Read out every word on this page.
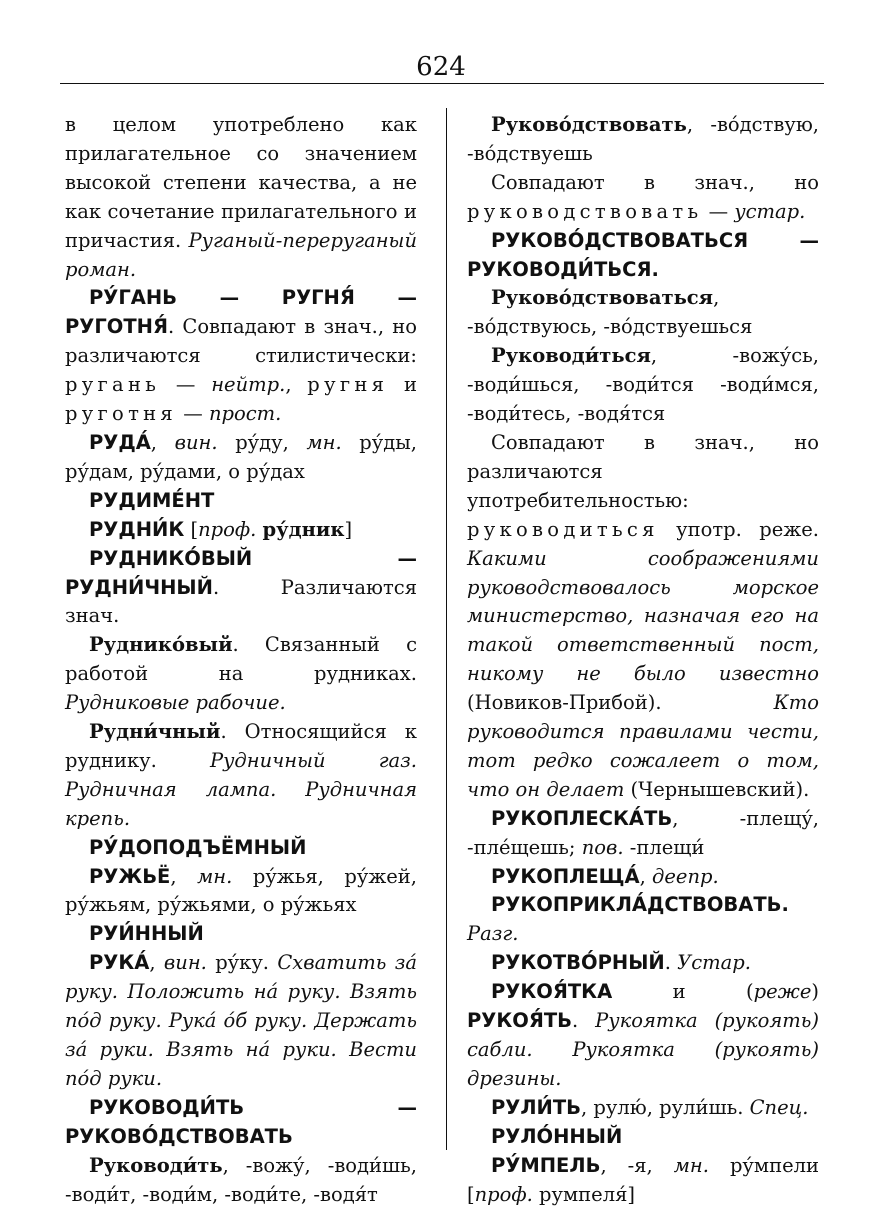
624

в целом употреблено как прилагательное со значением высокой степени качества, а не как сочетание прилагательного и причастия. Руганый-переруганый роман.

РУ́ГАНЬ — РУГНЯ́ — РУГОТНЯ́. Совпадают в знач., но различаются стилистически: ругань — нейтр., ругня и руготня — прост.

РУДА́, вин. ру́ду, мн. ру́ды, ру́дам, ру́дами, о ру́дах

РУДИМЕ́НТ

РУДНИ́К [проф. ру́дник]

РУДНИКО́ВЫЙ — РУДНИ́ЧНЫЙ. Различаются знач.

Руднико́вый. Связанный с работой на рудниках. Рудниковые рабочие.

Рудни́чный. Относящийся к руднику. Рудничный газ. Рудничная лампа. Рудничная крепь.

РУ́ДОПОДЪЁМНЫЙ

РУЖЬЁ, мн. ру́жья, ру́жей, ру́жьям, ру́жьями, о ру́жьях

РУИ́ННЫЙ

РУКА́, вин. ру́ку. Схватить за́ руку. Положить на́ руку. Взять по́д руку. Рука́ о́б руку. Держать за́ руки. Взять на́ руки. Вести по́д руки.

РУКОВОДИ́ТЬ — РУКОВО́ДСТВОВАТЬ

Руководи́ть, -вожу́, -води́шь, -води́т, -води́м, -води́те, -водя́т

Руково́дствовать, -во́дствую, -во́дствуешь

Совпадают в знач., но руководствовать — устар.

РУКОВО́ДСТВОВАТЬСЯ — РУКОВОДИ́ТЬСЯ.

Руково́дствоваться, -во́дствуюсь, -во́дствуешься

Руководи́ться, -вожу́сь, -води́шься, -води́тся -води́мся, -води́тесь, -водя́тся

Совпадают в знач., но различаются употребительностью: руководиться употр. реже. Какими соображениями руководствовалось морское министерство, назначая его на такой ответственный пост, никому не было известно (Новиков-Прибой). Кто руководится правилами чести, тот редко сожалеет о том, что он делает (Чернышевский).

РУКОПЛЕСКА́ТЬ, -плещу́, -пле́щешь; пов. -плещи́

РУКОПЛЕЩА́, деепр.

РУКОПРИКЛА́ДСТВОВАТЬ. Разг.

РУКОТВО́РНЫЙ. Устар.

РУКОЯ́ТКА и (реже) РУКОЯ́ТЬ. Рукоятка (рукоять) сабли. Рукоятка (рукоять) дрезины.

РУЛИ́ТЬ, рулю́, рули́шь. Спец.

РУЛО́ННЫЙ

РУ́МПЕЛЬ, -я, мн. ру́мпели [проф. румпеля́]
